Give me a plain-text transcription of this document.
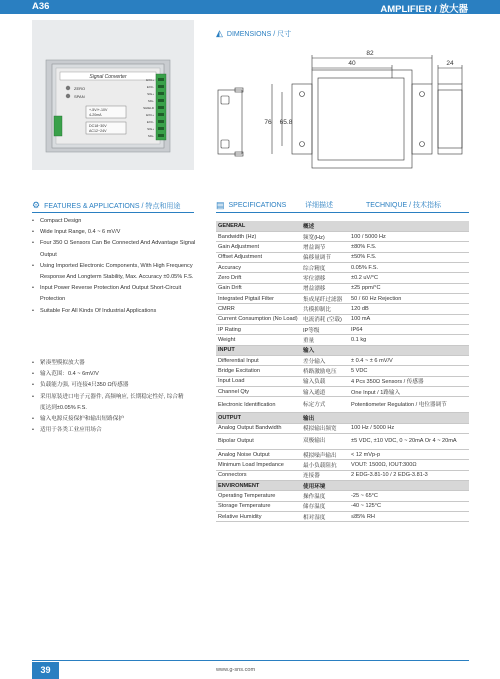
A36	AMPLIFIER / 放大器
Signal Converter
ZERO
SPAN
+-5V/+-10V
4-20mA
DC18~30V
AC12~24V
EXC+
EXC-
SIG+
SIG-
SHIELD
EXC+
EXC-
SIG+
SIG-
◭ DIMENSIONS / 尺寸
82
40	24
76 65.8
⚙ FEATURES & APPLICATIONS / 特点和用途
• Compact Design
• Wide Input Range, 0.4 ~ 6 mV/V
• Four 350 Ω Sensors Can Be Connected And Advantage Signal Output
• Using Imported Electronic Components, With High Frequency Response And Longterm Stability, Max. Accuracy ±0.05% F.S.
• Input Power Reverse Protection And Output Short-Circuit Protection
• Suitable For All Kinds Of Industrial Applications
• 紧凑型模拟放大器
• 输入范围：0.4 ~ 6mV/V
• 负载能力强, 可连接4只350 Ω传感器
• 采用原装进口电子元器件, 高频响应, 长期稳定性好, 综合精度达到±0.05% F.S.
• 输入电源反接保护和输出短路保护
• 适用于各类工业应用场合
▤ SPECIFICATIONS	详细描述	TECHNIQUE / 技术指标
GENERAL	概述	
Bandwidth (Hz)	频宽(Hz)	100 / 5000 Hz
Gain Adjustment	增益调节	±80% F.S.
Offset Adjustment	偏移量调节	±50% F.S.
Accuracy	综合精度	0.05% F.S.
Zero Drift	零位漂移	±0.2 uV/°C
Gain Drift	增益漂移	±25 ppm/°C
Integrated Pigtail Filter	集成尾纤过滤器	50 / 60 Hz Rejection
CMRR	共模抑制比	120 dB
Current Consumption (No Load)	电流消耗 (空载)	100 mA
IP Rating	IP等级	IP64
Weight	重量	0.1 kg
INPUT	输入	
Differential Input	差分输入	± 0.4 ~ ± 6 mV/V
Bridge Excitation	桥路激励电压	5 VDC
Input Load	输入负载	4 Pcs 350Ω Sensors / 传感器
Channel Qty	输入通道	One Input / 1路输入
Electronic Identification	标定方式	Potentiometer Regulation / 电位器调节
OUTPUT	输出	
Analog Output Bandwidth	模拟输出频宽	100 Hz / 5000 Hz
Bipolar Output	双极输出	±5 VDC, ±10 VDC, 0 ~ 20mA Or 4 ~ 20mA
Analog Noise Output	模拟噪声输出	< 12 mVp-p
Minimum Load Impedance	最小负载阻抗	VOUT: 1500Ω, IOUT:300Ω
Connectors	连接器	2 EDG-3.81-10 / 2 EDG-3.81-3
ENVIRONMENT	使用环境	
Operating Temperature	操作温度	-25 ~ 65°C
Storage Temperature	储存温度	-40 ~ 125°C
Relative Humidity	相对湿度	≤85% RH
39	www.g-sns.com
